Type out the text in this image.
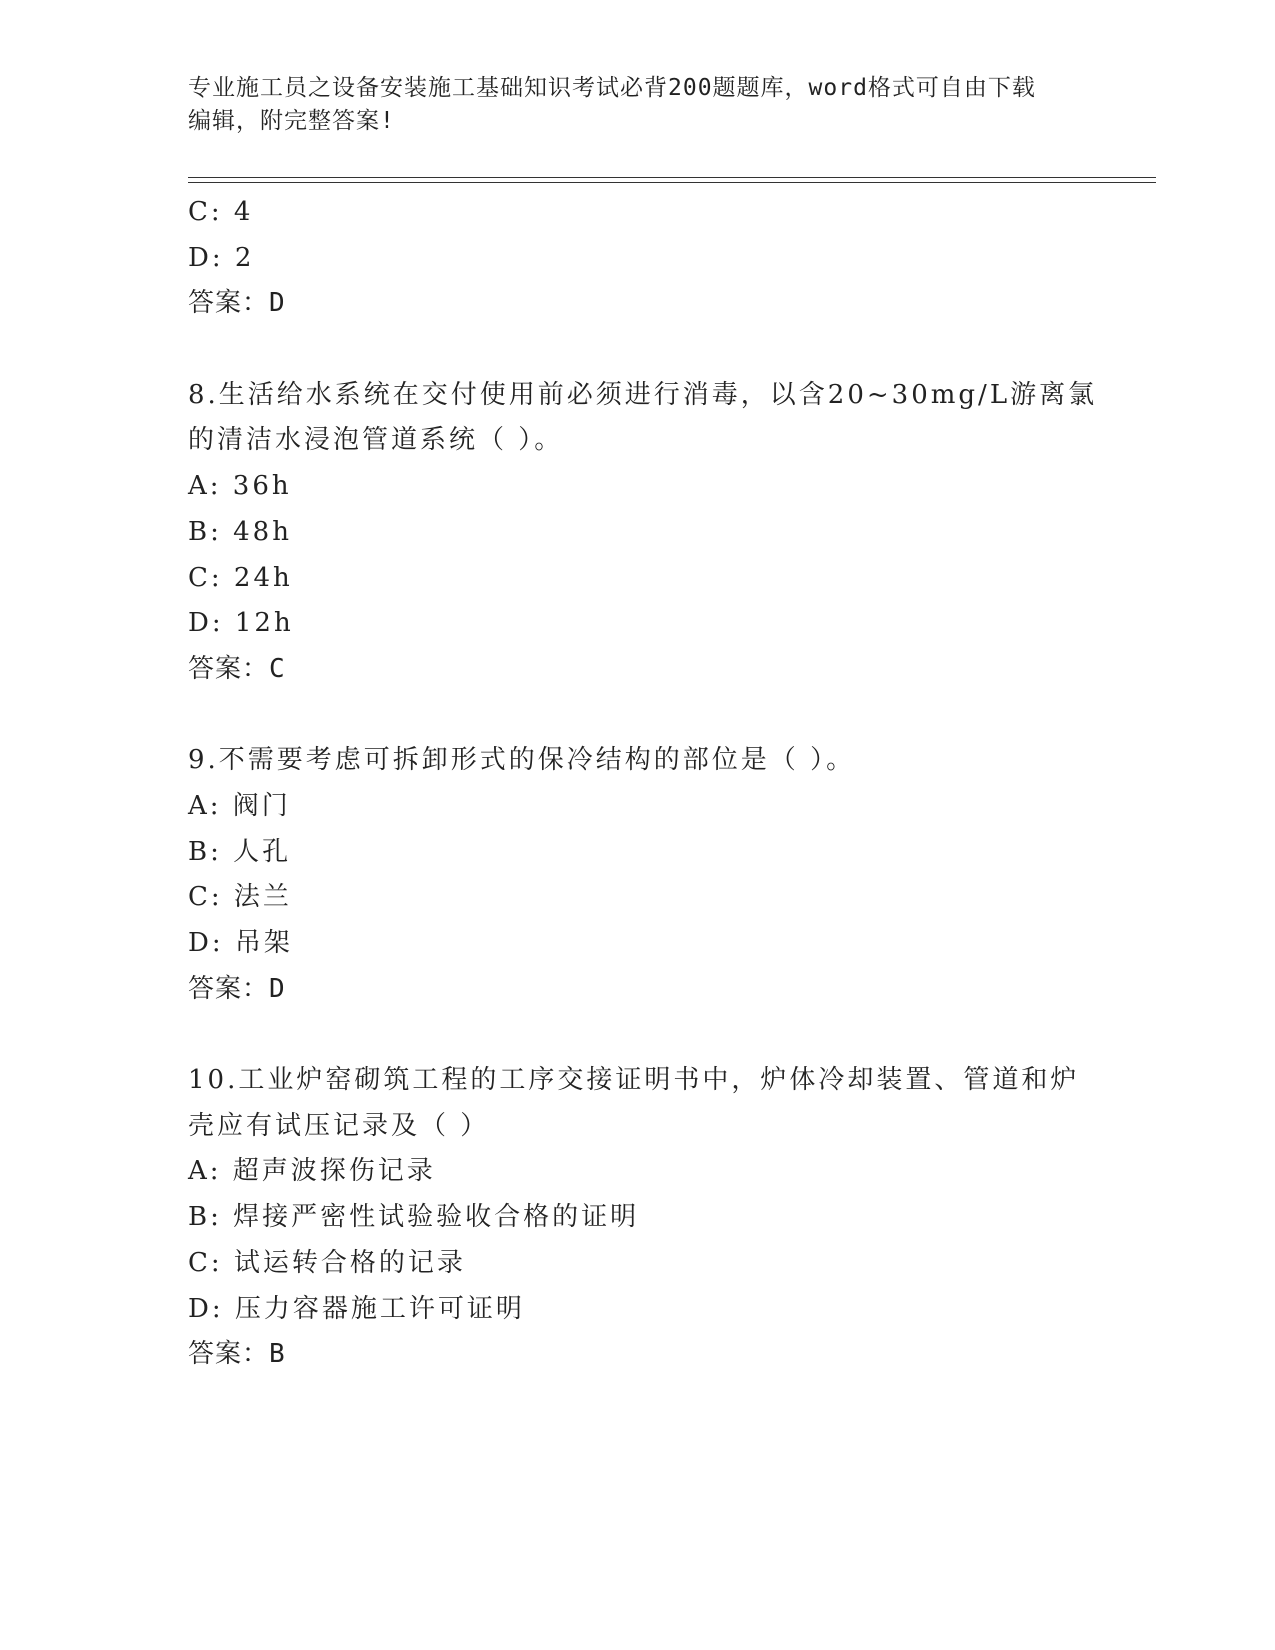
专业施工员之设备安装施工基础知识考试必背200题题库，word格式可自由下载
编辑，附完整答案!
C: 4
D: 2
答案：D
8.生活给水系统在交付使用前必须进行消毒，以含20~30mg/L游离氯
的清洁水浸泡管道系统（ ）。
A: 36h
B: 48h
C: 24h
D: 12h
答案：C
9.不需要考虑可拆卸形式的保冷结构的部位是（ ）。
A: 阀门
B: 人孔
C: 法兰
D: 吊架
答案：D
10.工业炉窑砌筑工程的工序交接证明书中，炉体冷却装置、管道和炉
壳应有试压记录及（ ）
A: 超声波探伤记录
B: 焊接严密性试验验收合格的证明
C: 试运转合格的记录
D: 压力容器施工许可证明
答案：B
